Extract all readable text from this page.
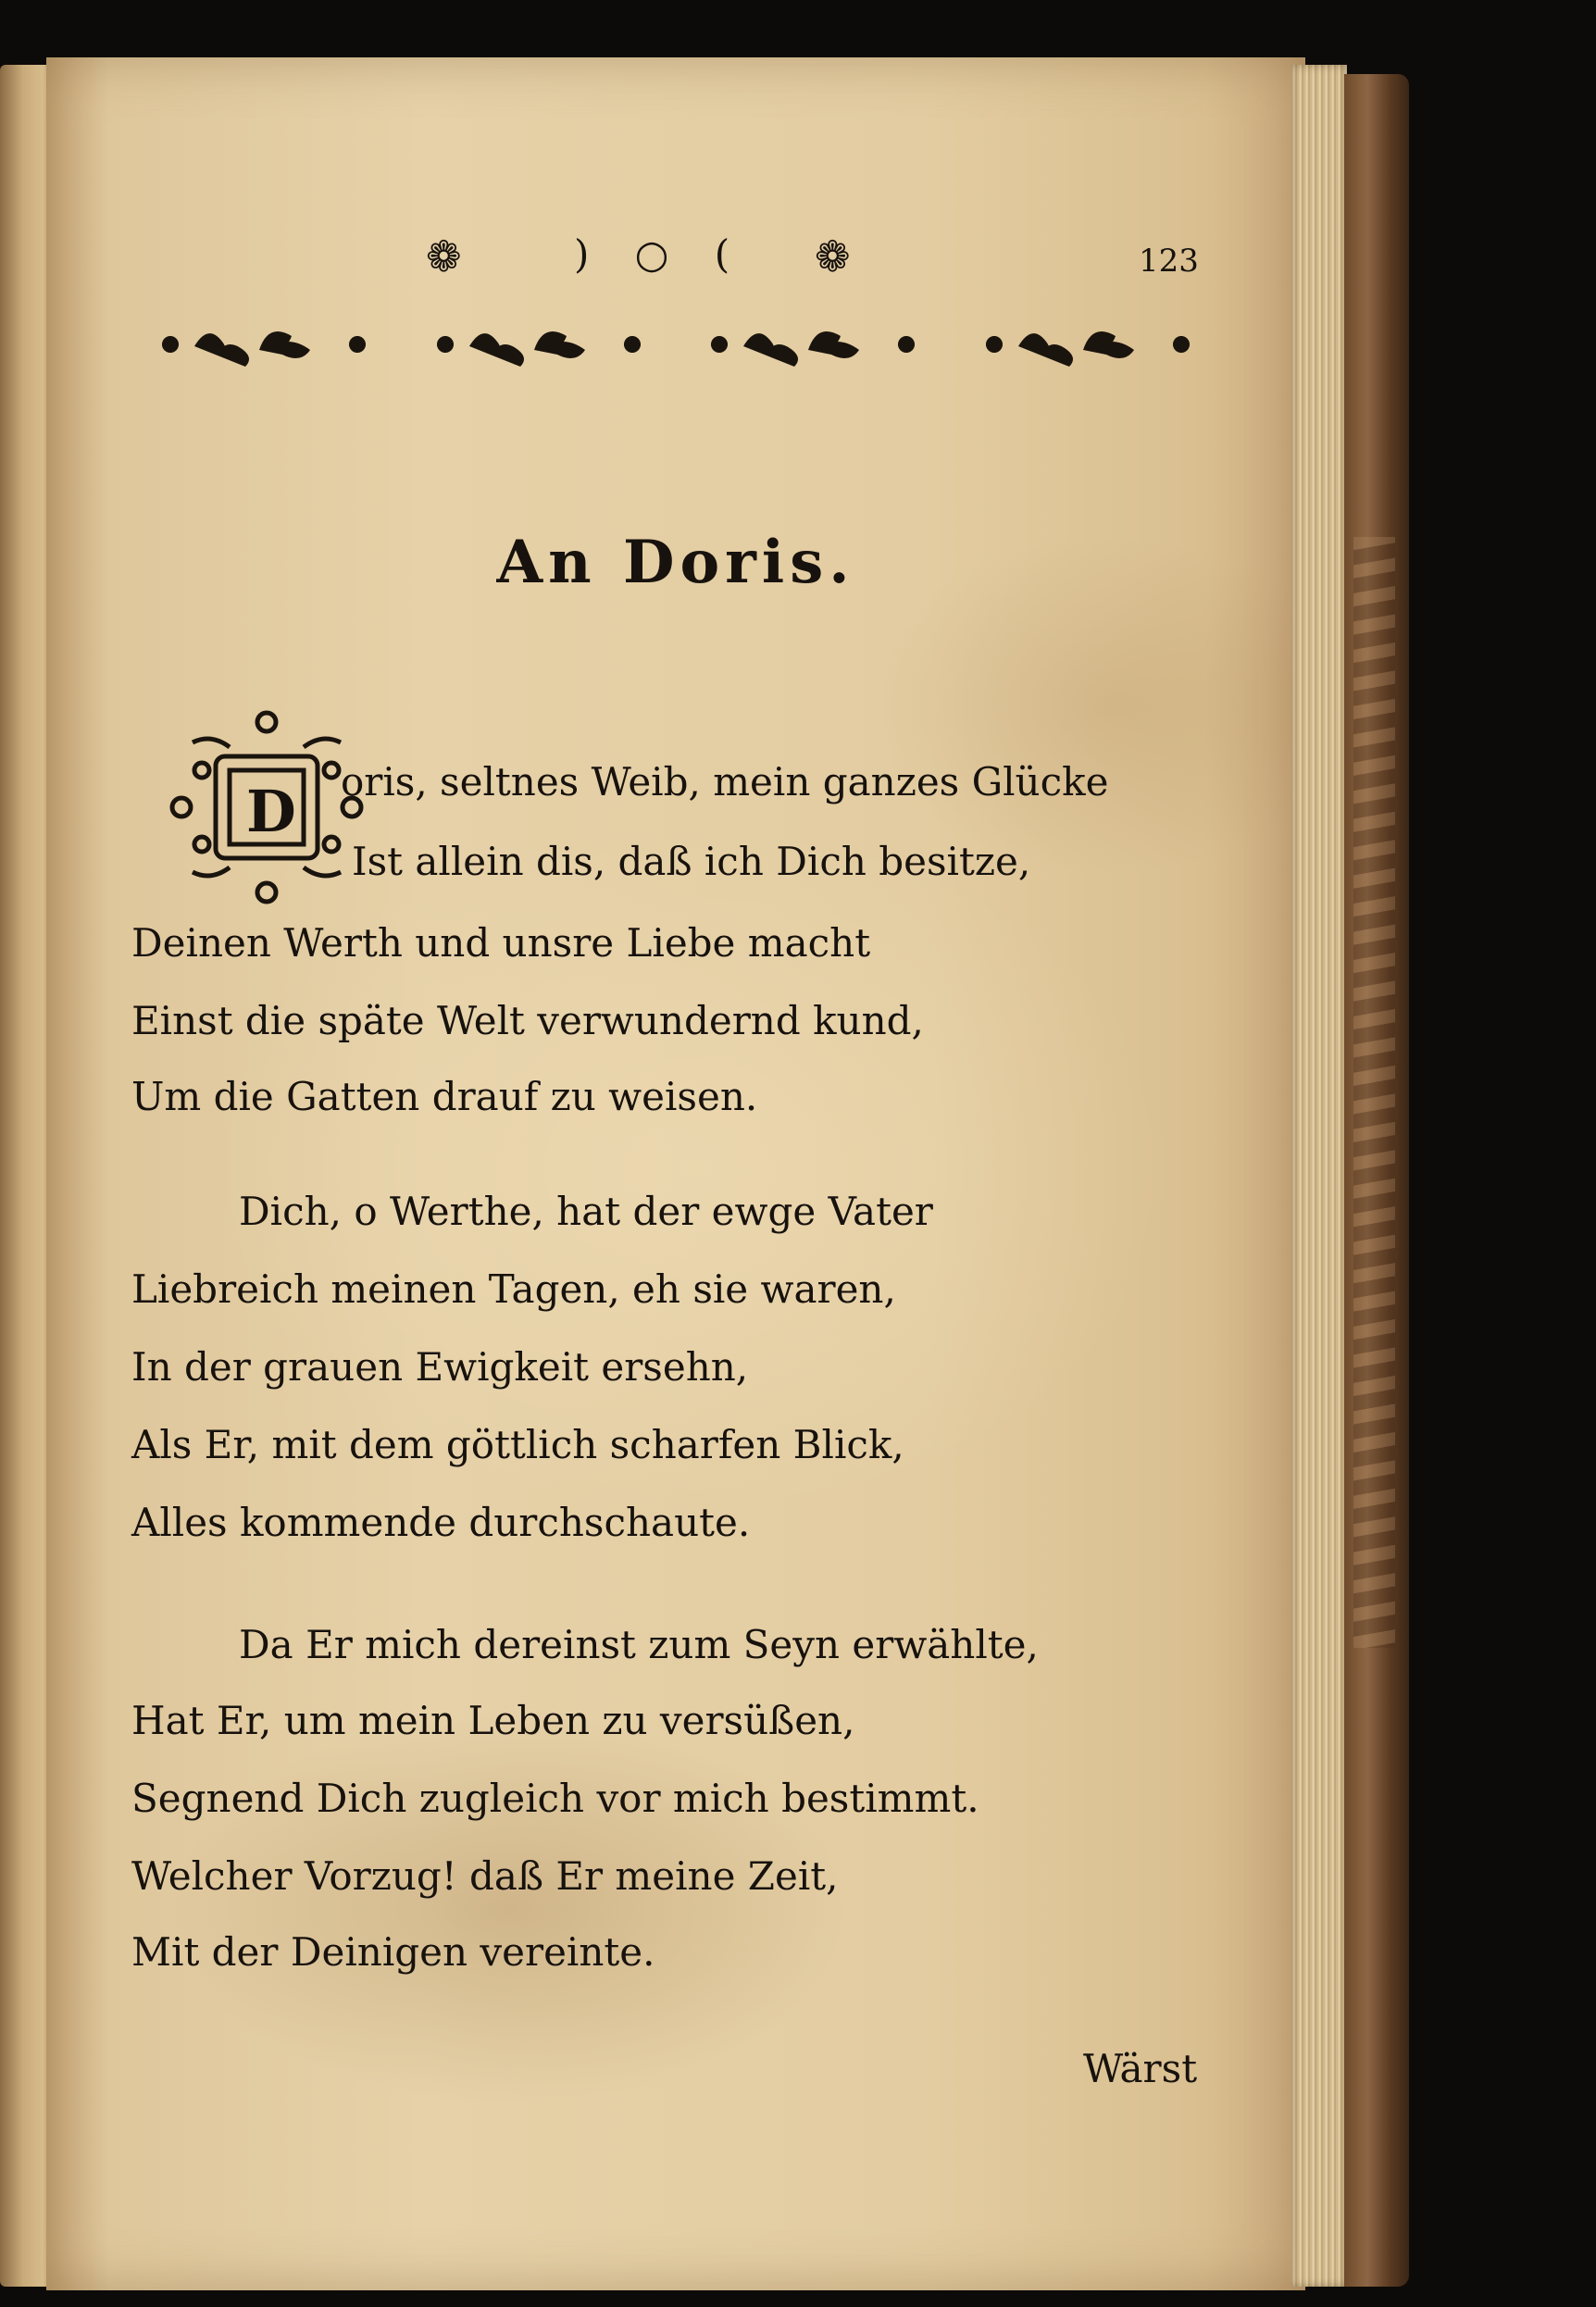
❁	) ○ ( ❁	123
An Doris.
D oris, seltnes Weib, mein ganzes Glücke
Ist allein dis, daß ich Dich besitze,
Deinen Werth und unsre Liebe macht
Einst die späte Welt verwundernd kund,
Um die Gatten drauf zu weisen.
Dich, o Werthe, hat der ewge Vater
Liebreich meinen Tagen, eh sie waren,
In der grauen Ewigkeit ersehn,
Als Er, mit dem göttlich scharfen Blick,
Alles kommende durchschaute.
Da Er mich dereinst zum Seyn erwählte,
Hat Er, um mein Leben zu versüßen,
Segnend Dich zugleich vor mich bestimmt.
Welcher Vorzug! daß Er meine Zeit,
Mit der Deinigen vereinte.
Wärst
